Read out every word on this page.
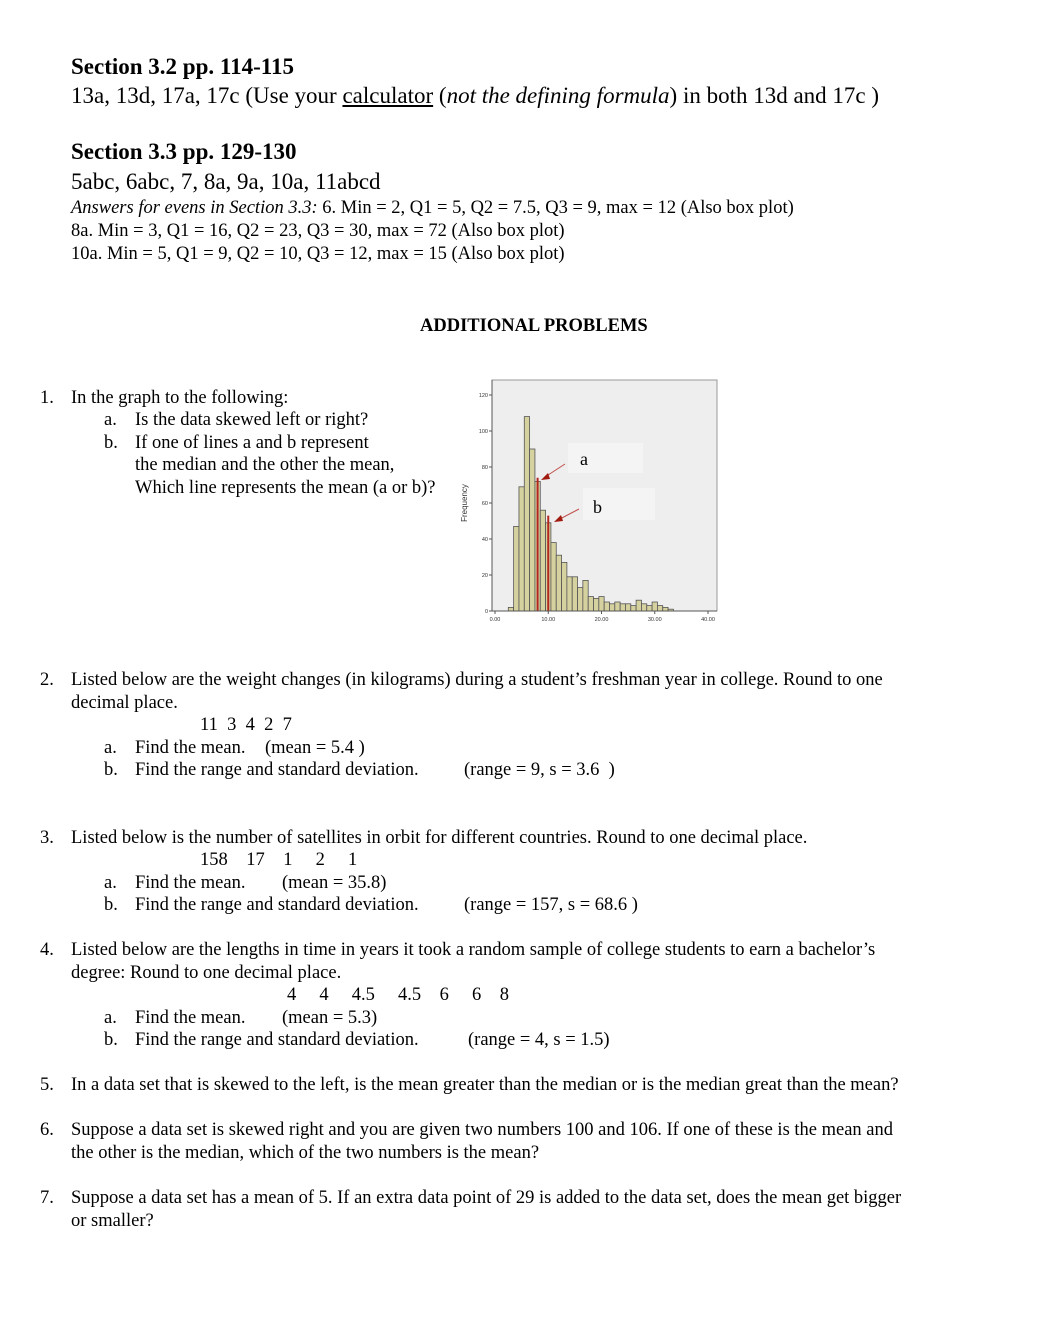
Section 3.2 pp. 114-115
13a, 13d, 17a, 17c (Use your calculator (not the defining formula) in both 13d and 17c )
Section 3.3 pp. 129-130
5abc, 6abc, 7, 8a, 9a, 10a, 11abcd
Answers for evens in Section 3.3: 6. Min = 2, Q1 = 5, Q2 = 7.5, Q3 = 9, max = 12 (Also box plot)
8a. Min = 3, Q1 = 16, Q2 = 23, Q3 = 30, max = 72 (Also box plot)
10a. Min = 5, Q1 = 9, Q2 = 10, Q3 = 12, max = 15 (Also box plot)
ADDITIONAL PROBLEMS
1. In the graph to the following:
a. Is the data skewed left or right?
b. If one of lines a and b represent
the median and the other the mean,
Which line represents the mean (a or b)?
a
b
0
20
40
60
80
100
120
0.00	10.00	20.00	30.00	40.00
Frequency
2. Listed below are the weight changes (in kilograms) during a student’s freshman year in college. Round to one
decimal place.
11  3  4  2  7
a. Find the mean. (mean = 5.4 )
b. Find the range and standard deviation. (range = 9, s = 3.6  )
3. Listed below is the number of satellites in orbit for different countries. Round to one decimal place.
158    17    1     2     1
a. Find the mean. (mean = 35.8)
b. Find the range and standard deviation. (range = 157, s = 68.6 )
4. Listed below are the lengths in time in years it took a random sample of college students to earn a bachelor’s
degree: Round to one decimal place.
4     4     4.5     4.5    6     6    8
a. Find the mean. (mean = 5.3)
b. Find the range and standard deviation.	(range = 4, s = 1.5)
5. In a data set that is skewed to the left, is the mean greater than the median or is the median great than the mean?
6. Suppose a data set is skewed right and you are given two numbers 100 and 106. If one of these is the mean and
the other is the median, which of the two numbers is the mean?
7. Suppose a data set has a mean of 5. If an extra data point of 29 is added to the data set, does the mean get bigger
or smaller?
